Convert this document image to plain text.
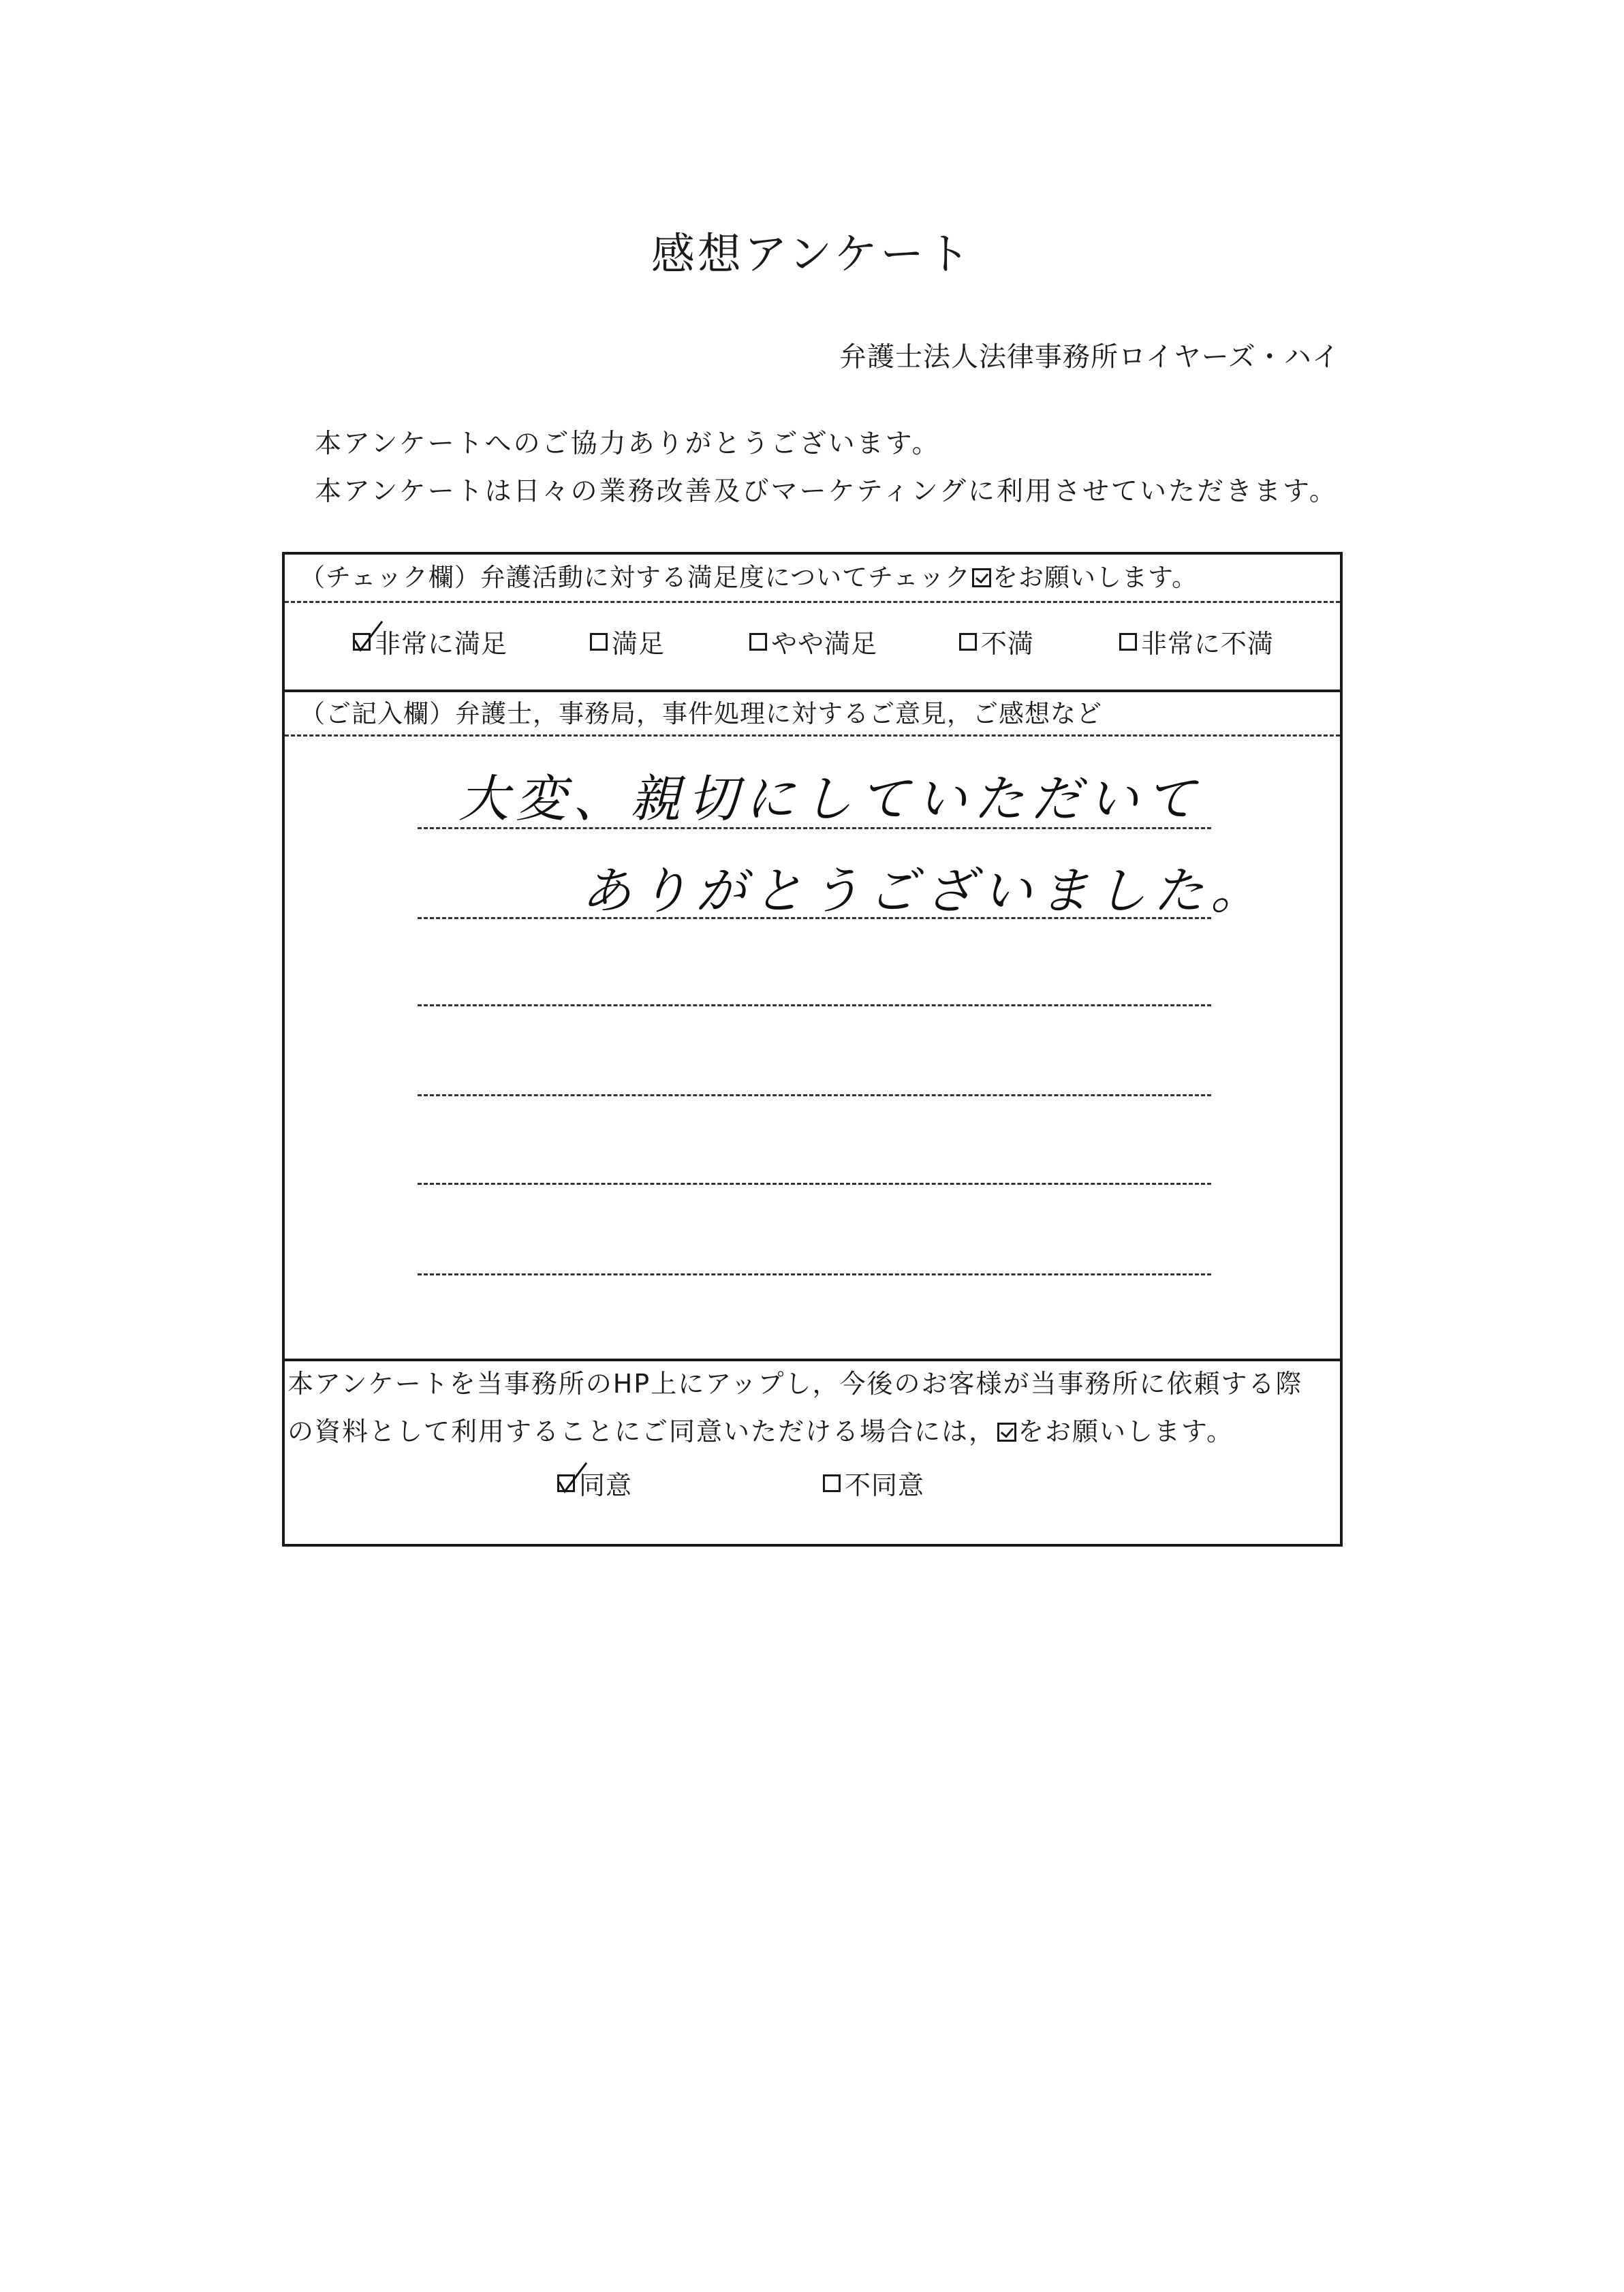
感想アンケート
弁護士法人法律事務所ロイヤーズ・ハイ
本アンケートへのご協力ありがとうございます。
本アンケートは日々の業務改善及びマーケティングに利用させていただきます。
（チェック欄）弁護活動に対する満足度についてチェック をお願いします。
非常に満足	満足	やや満足	不満	非常に不満
（ご記入欄）弁護士，事務局，事件処理に対するご意見，ご感想など
大変、親切にしていただいて
ありがとうございました。
本アンケートを当事務所のHP上にアップし，今後のお客様が当事務所に依頼する際
の資料として利用することにご同意いただける場合には， をお願いします。
同意	不同意
